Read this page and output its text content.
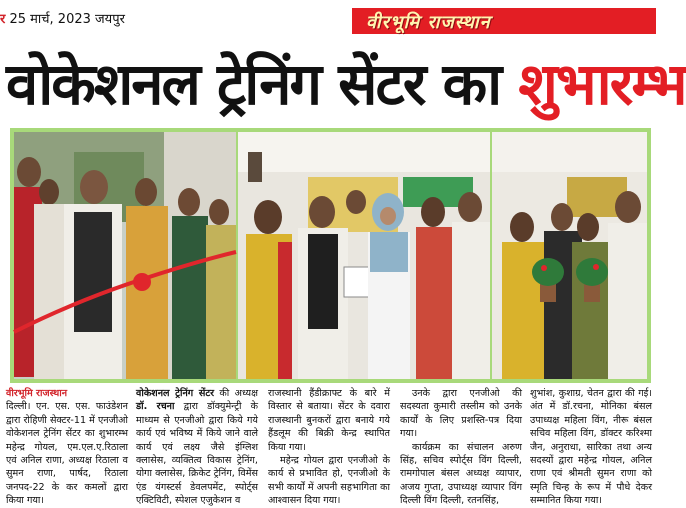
र 25 मार्च, 2023 जयपुर	वीरभूमि राजस्थान
वोकेशनल ट्रेनिंग सेंटर का शुभारम्भ

वीरभूमि राजस्थान

दिल्ली। एन. एस. एस. फाउंडेशन द्वारा रोहिणी सेक्टर-11 में एनजीओ वोकेशनल ट्रेनिंग सेंटर का शुभारम्भ महेन्द्र गोयल, एम.एल.ए.रिठाला एवं अनिल राणा, अध्यक्ष रिठाला व सुमन राणा, पार्षद, रिठाला जनपद-22 के कर कमलों द्वारा किया गया।

वोकेशनल ट्रेनिंग सेंटर की अध्यक्ष डॉ. रचना द्वारा डॉक्युमेन्ट्री के माध्यम से एनजीओ द्वारा किये गये कार्य एवं भविष्य में किये जाने वाले कार्य एवं लक्ष्य जैसे इंग्लिश क्लासेस, व्यक्तित्व विकास ट्रेनिंग, योगा क्लासेस, क्रिकेट ट्रेनिंग, विमेंस एंड यंगस्टर्स डेवलपमेंट, स्पोर्ट्स एक्टिविटी, स्पेशल एजुकेशन व

राजस्थानी हैंडीक्राफ्ट के बारे में विस्तार से बताया। सेंटर के दवारा राजस्थानी बुनकरों द्वारा बनाये गये हैंडलूम की बिक्री केन्द्र स्थापित किया गया।

महेन्द्र गोयल द्वारा एनजीओ के कार्य से प्रभावित हो, एनजीओ के सभी कार्यों में अपनी सहभागिता का आश्वासन दिया गया।

उनके द्वारा एनजीओ की सदस्यता कुमारी तस्लीम को उनके कार्यों के लिए प्रशस्ति-पत्र दिया गया।

कार्यक्रम का संचालन अरुण सिंह, सचिव स्पोर्ट्स विंग दिल्ली, रामगोपाल बंसल अध्यक्ष व्यापार, अजय गुप्ता, उपाध्यक्ष व्यापार विंग दिल्ली विंग दिल्ली, रतनसिंह,

शुभांश, कुशाग्र, चेतन द्वारा की गई। अंत में डॉ.रचना, मोनिका बंसल उपाध्यक्ष महिला विंग, नीरू बंसल सचिव महिला विंग, डॉक्टर करिश्मा जैन, अनुराधा, सारिका तथा अन्य सदस्यों द्वारा महेन्द्र गोयल, अनिल राणा एवं श्रीमती सुमन राणा को स्मृति चिन्ह के रूप में पौधे देकर सम्मानित किया गया।
